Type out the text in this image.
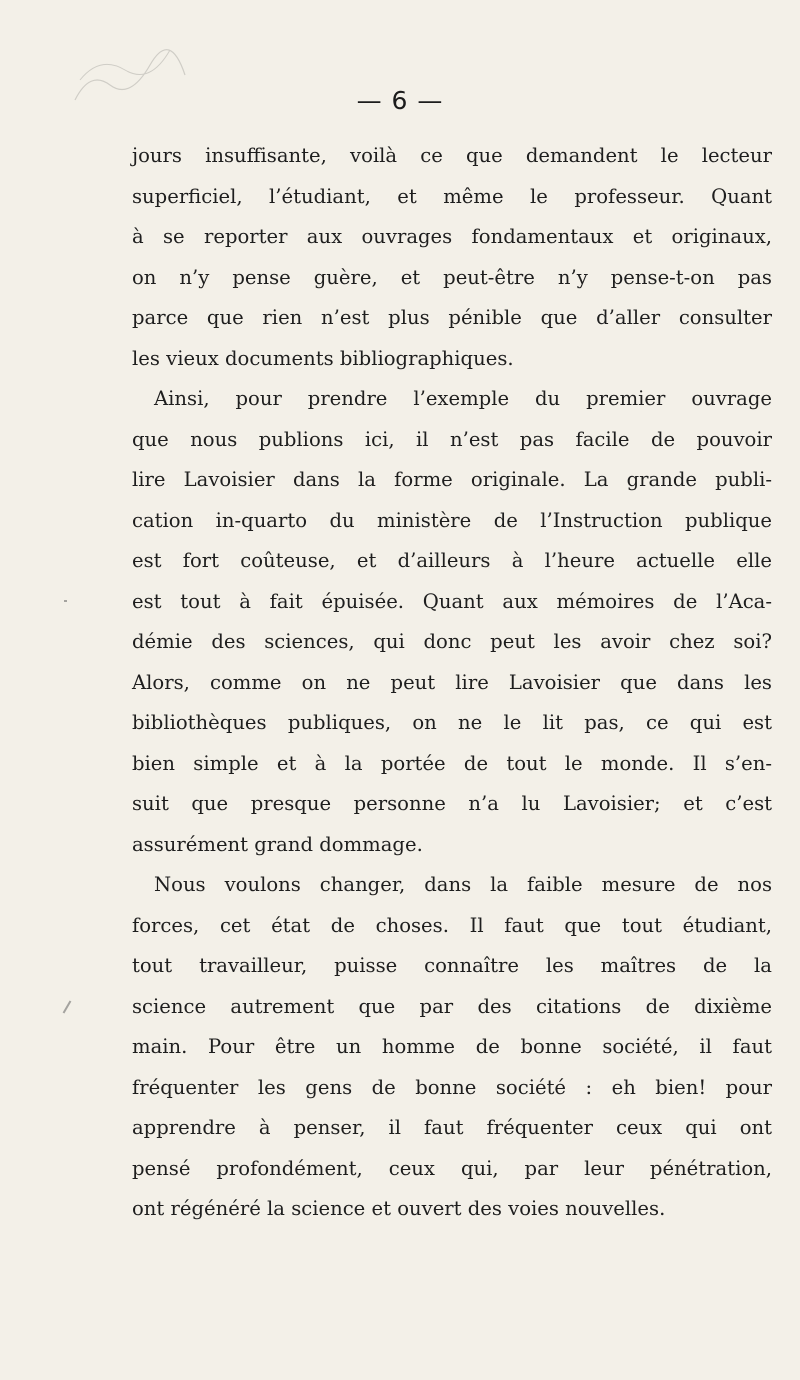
— 6 —
jours insuffisante, voilà ce que demandent le lecteur
superficiel, l’étudiant, et même le professeur. Quant
à se reporter aux ouvrages fondamentaux et originaux,
on n’y pense guère, et peut-être n’y pense-t-on pas
parce que rien n’est plus pénible que d’aller consulter
les vieux documents bibliographiques.
Ainsi, pour prendre l’exemple du premier ouvrage
que nous publions ici, il n’est pas facile de pouvoir
lire Lavoisier dans la forme originale. La grande publi-
cation in-quarto du ministère de l’Instruction publique
est fort coûteuse, et d’ailleurs à l’heure actuelle elle
est tout à fait épuisée. Quant aux mémoires de l’Aca-
démie des sciences, qui donc peut les avoir chez soi?
Alors, comme on ne peut lire Lavoisier que dans les
bibliothèques publiques, on ne le lit pas, ce qui est
bien simple et à la portée de tout le monde. Il s’en-
suit que presque personne n’a lu Lavoisier; et c’est
assurément grand dommage.
Nous voulons changer, dans la faible mesure de nos
forces, cet état de choses. Il faut que tout étudiant,
tout travailleur, puisse connaître les maîtres de la
science autrement que par des citations de dixième
main. Pour être un homme de bonne société, il faut
fréquenter les gens de bonne société : eh bien! pour
apprendre à penser, il faut fréquenter ceux qui ont
pensé profondément, ceux qui, par leur pénétration,
ont régénéré la science et ouvert des voies nouvelles.
